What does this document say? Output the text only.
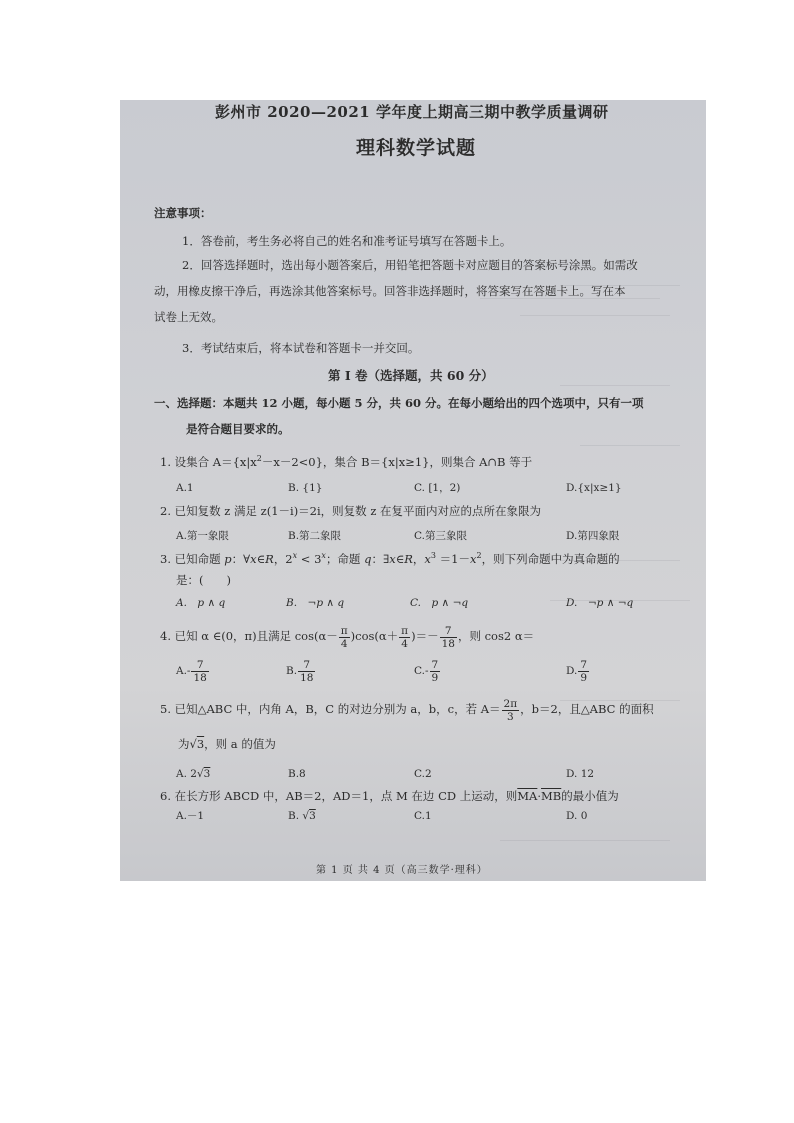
彭州市 2020—2021 学年度上期高三期中教学质量调研
理科数学试题
注意事项：
1．答卷前，考生务必将自己的姓名和准考证号填写在答题卡上。
2．回答选择题时，选出每小题答案后，用铅笔把答题卡对应题目的答案标号涂黑。如需改
动，用橡皮擦干净后，再选涂其他答案标号。回答非选择题时，将答案写在答题卡上。写在本
试卷上无效。
3．考试结束后，将本试卷和答题卡一并交回。
第 I 卷（选择题，共 60 分）
一、选择题：本题共 12 小题，每小题 5 分，共 60 分。在每小题给出的四个选项中，只有一项
是符合题目要求的。
1. 设集合 $A=\{x|x^2-x-2<0\}$，集合 B＝{x|x≥1}，则集合 A∩B 等于
A.1	B. {1}	C. [1，2)	D.{x|x≥1}
2. 已知复数 z 满足 z(1－i)＝2i，则复数 z 在复平面内对应的点所在象限为
A.第一象限	B.第二象限	C.第三象限	D.第四象限
3. 已知命题 p：∀x∈R，$2^x < 3^x$；命题 q：∃x∈R，$x^3 =1-x^2$，则下列命题中为真命题的
是：(　　)
A.　p ∧ q	B.　¬p ∧ q	C.　p ∧ ¬q	D.　¬p ∧ ¬q
4. 已知 α ∈(0，π)且满足 $\cos(\alpha- \frac{\pi}{4} )\cos(\alpha+ \frac{\pi}{4}$ )＝－ $\frac{7}{18}$ ，则 cos2 α＝
$A.- \frac{7}{18}$	B. $\frac{7}{18}$	$C.- \frac{7}{9}$	D. $\frac{7}{9}$
5. 已知△ABC 中，内角 A，B，C 的对边分别为 a，b，c，若 $A= \frac{2\pi}{3}$ ，b＝2，且△ABC 的面积
为√3，则 a 的值为
A. 2√3	B.8	C.2	D. 12
6. 在长方形 ABCD 中，AB＝2，AD＝1，点 M 在边 CD 上运动，则$\overline{MA}\cdot\overline{MB}$的最小值为
A.－1	B. √3	C.1	D. 0
第 1 页 共 4 页（高三数学·理科）
